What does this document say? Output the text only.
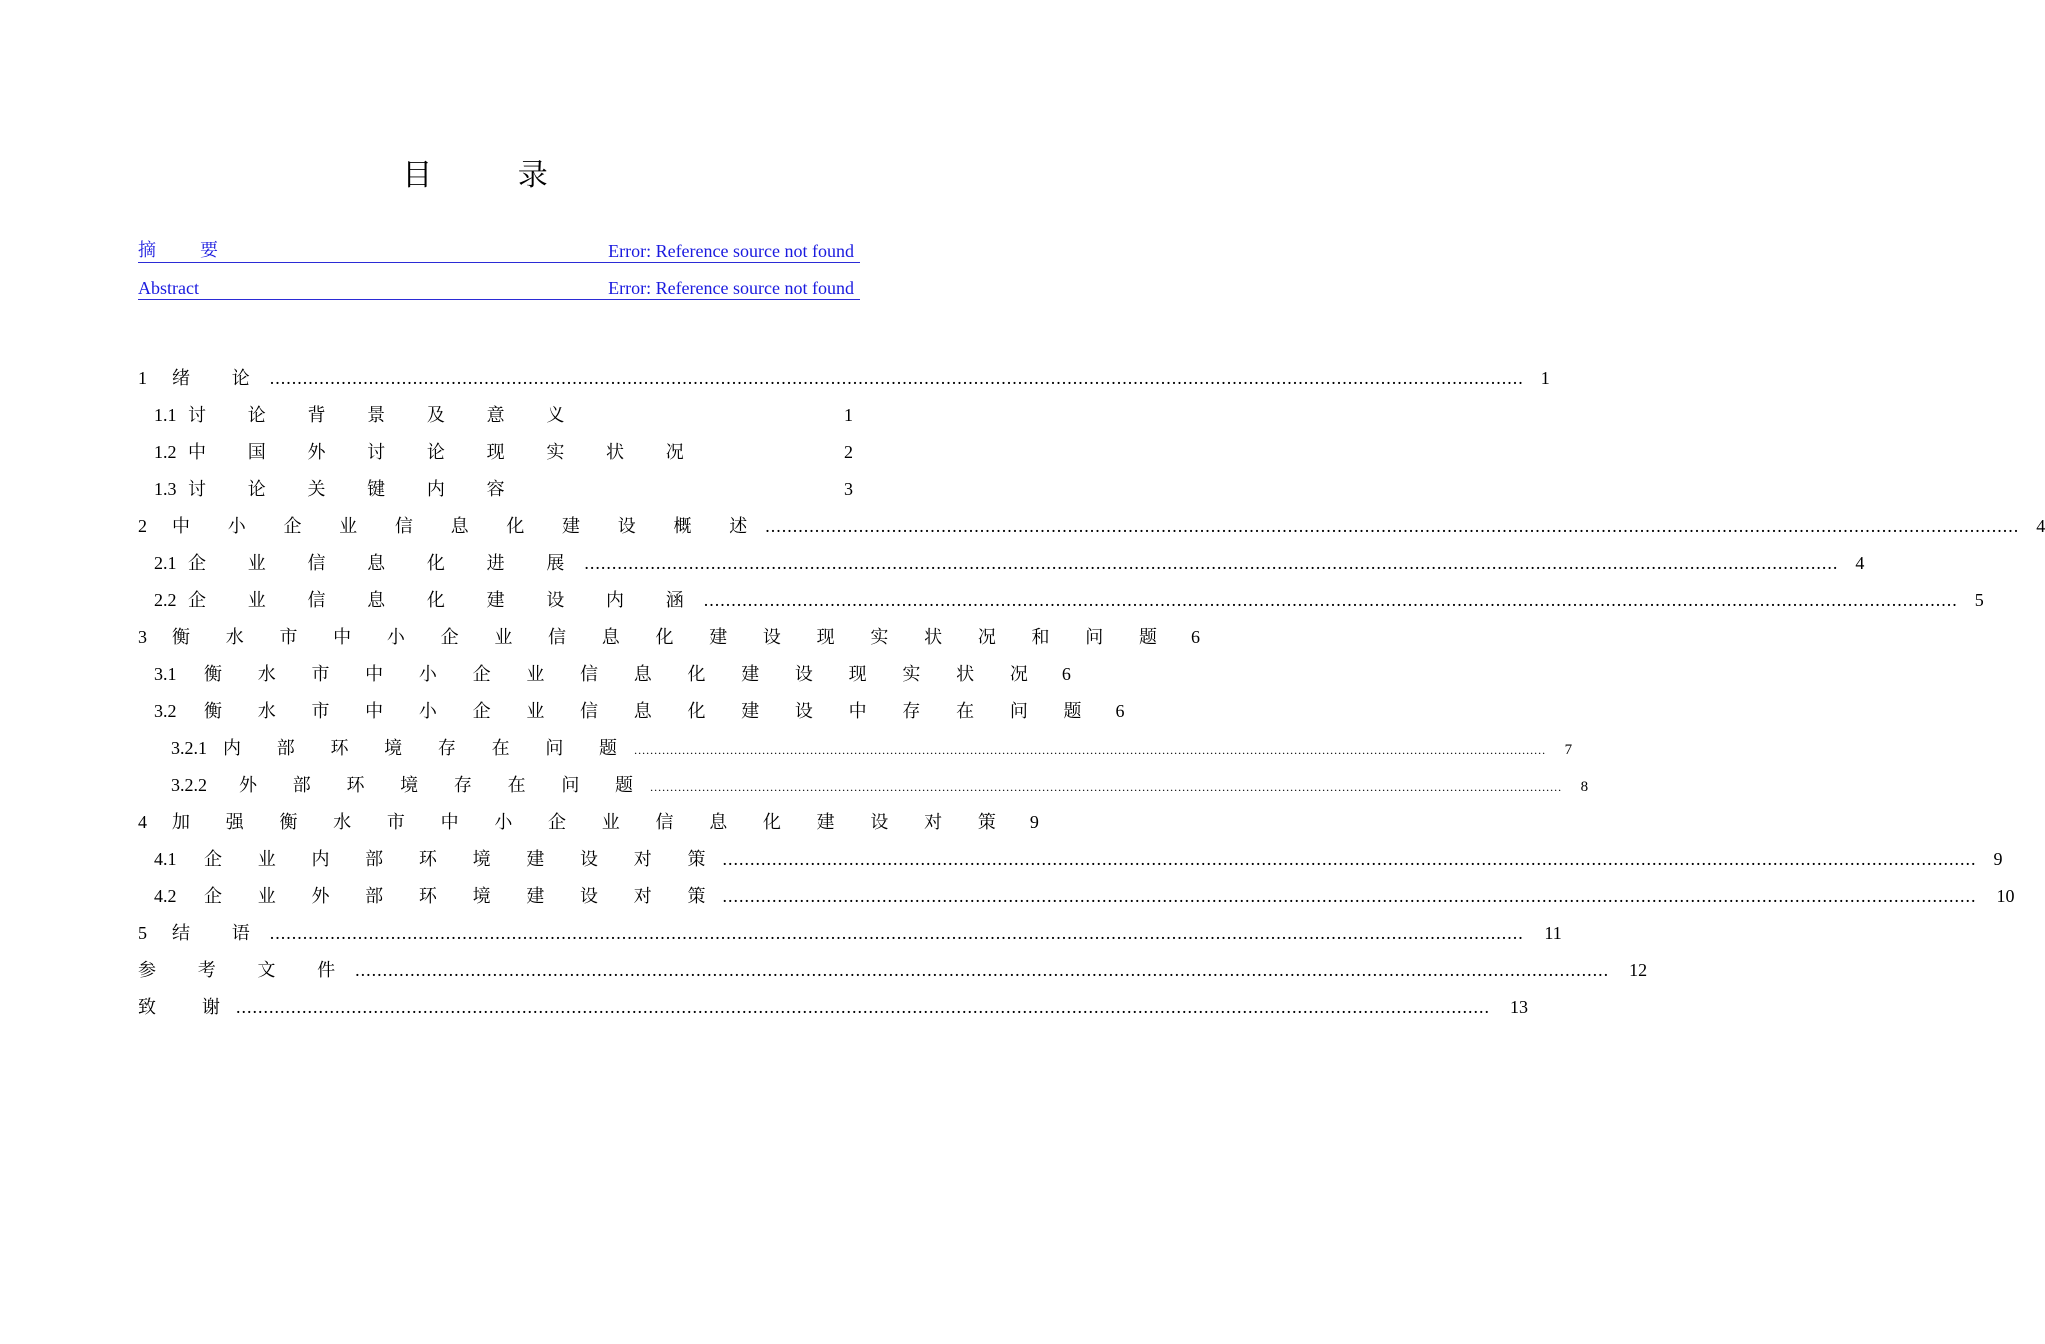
目 录
摘要	Error: Reference source not found
Abstract	Error: Reference source not found
1	绪 论 .....	1
1.1 讨 论 背 景 及 意 义	1
1.2 中 国 外 讨 论 现 实 状 况	2
1.3 讨 论 关 键 内 容	3
2	中 小 企 业 信 息 化 建 设 概 述 .....	4
2.1 企 业 信 息 化 进 展 .....	4
2.2 企 业 信 息 化 建 设 内 涵 .....	5
3	衡 水 市 中 小 企 业 信 息 化 建 设 现 实 状 况 和 问 题	6
3.1	衡 水 市 中 小 企 业 信 息 化 建 设 现 实 状 况	6
3.2	衡 水 市 中 小 企 业 信 息 化 建 设 中 存 在 问 题	6
3.2.1 内 部 环 境 存 在 问 题 .....	7
3.2.2	外 部 环 境 存 在 问 题 .....	8
4	加 强 衡 水 市 中 小 企 业 信 息 化 建 设 对 策	9
4.1	企 业 内 部 环 境 建 设 对 策 .....	9
4.2	企 业 外 部 环 境 建 设 对 策 .....	10
5	结 语 .....	11
参 考 文 件 .....	12
致　谢 .....	13
